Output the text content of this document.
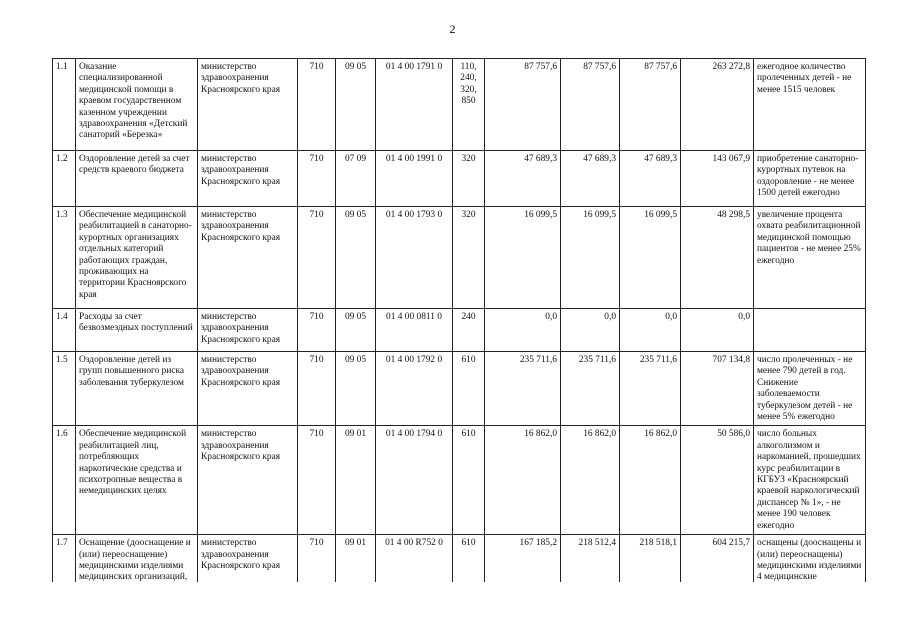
2
1.1	Оказание специализированной медицинской помощи в краевом государственном казенном учреждении здравоохранения «Детский санаторий «Березка»	министерство здравоохранения Красноярского края	710	09 05	01 4 00 1791 0	110,
240,
320,
850	87 757,6	87 757,6	87 757,6	263 272,8	ежегодное количество пролеченных детей - не менее 1515 человек
1.2	Оздоровление детей за счет средств краевого бюджета	министерство здравоохранения Красноярского края	710	07 09	01 4 00 1991 0	320	47 689,3	47 689,3	47 689,3	143 067,9	приобретение санаторно-курортных путевок на оздоровление - не менее 1500 детей ежегодно
1.3	Обеспечение медицинской реабилитацией в санаторно-курортных организациях отдельных категорий работающих граждан, проживающих на территории Красноярского края	министерство здравоохранения Красноярского края	710	09 05	01 4 00 1793 0	320	16 099,5	16 099,5	16 099,5	48 298,5	увеличение процента охвата реабилитационной медицинской помощью пациентов - не менее 25% ежегодно
1.4	Расходы за счет безвозмездных поступлений	министерство здравоохранения Красноярского края	710	09 05	01 4 00 0811 0	240	0,0	0,0	0,0	0,0	
1.5	Оздоровление детей из групп повышенного риска заболевания туберкулезом	министерство здравоохранения Красноярского края	710	09 05	01 4 00 1792 0	610	235 711,6	235 711,6	235 711,6	707 134,8	число пролеченных - не менее 790 детей в год. Снижение заболеваемости туберкулезом детей - не менее 5% ежегодно
1.6	Обеспечение медицинской реабилитацией лиц, потребляющих наркотические средства и психотропные вещества в немедицинских целях	министерство здравоохранения Красноярского края	710	09 01	01 4 00 1794 0	610	16 862,0	16 862,0	16 862,0	50 586,0	число больных алкоголизмом и наркоманией, прошедших курс реабилитации в КГБУЗ «Красноярский краевой наркологический диспансер № 1», - не менее 190 человек ежегодно
1.7	Оснащение (дооснащение и (или) переоснащение) медицинскими изделиями медицинских организаций,	министерство здравоохранения Красноярского края	710	09 01	01 4 00 R752 0	610	167 185,2	218 512,4	218 518,1	604 215,7	оснащены (дооснащены и (или) переоснащены) медицинскими изделиями 4 медицинские
